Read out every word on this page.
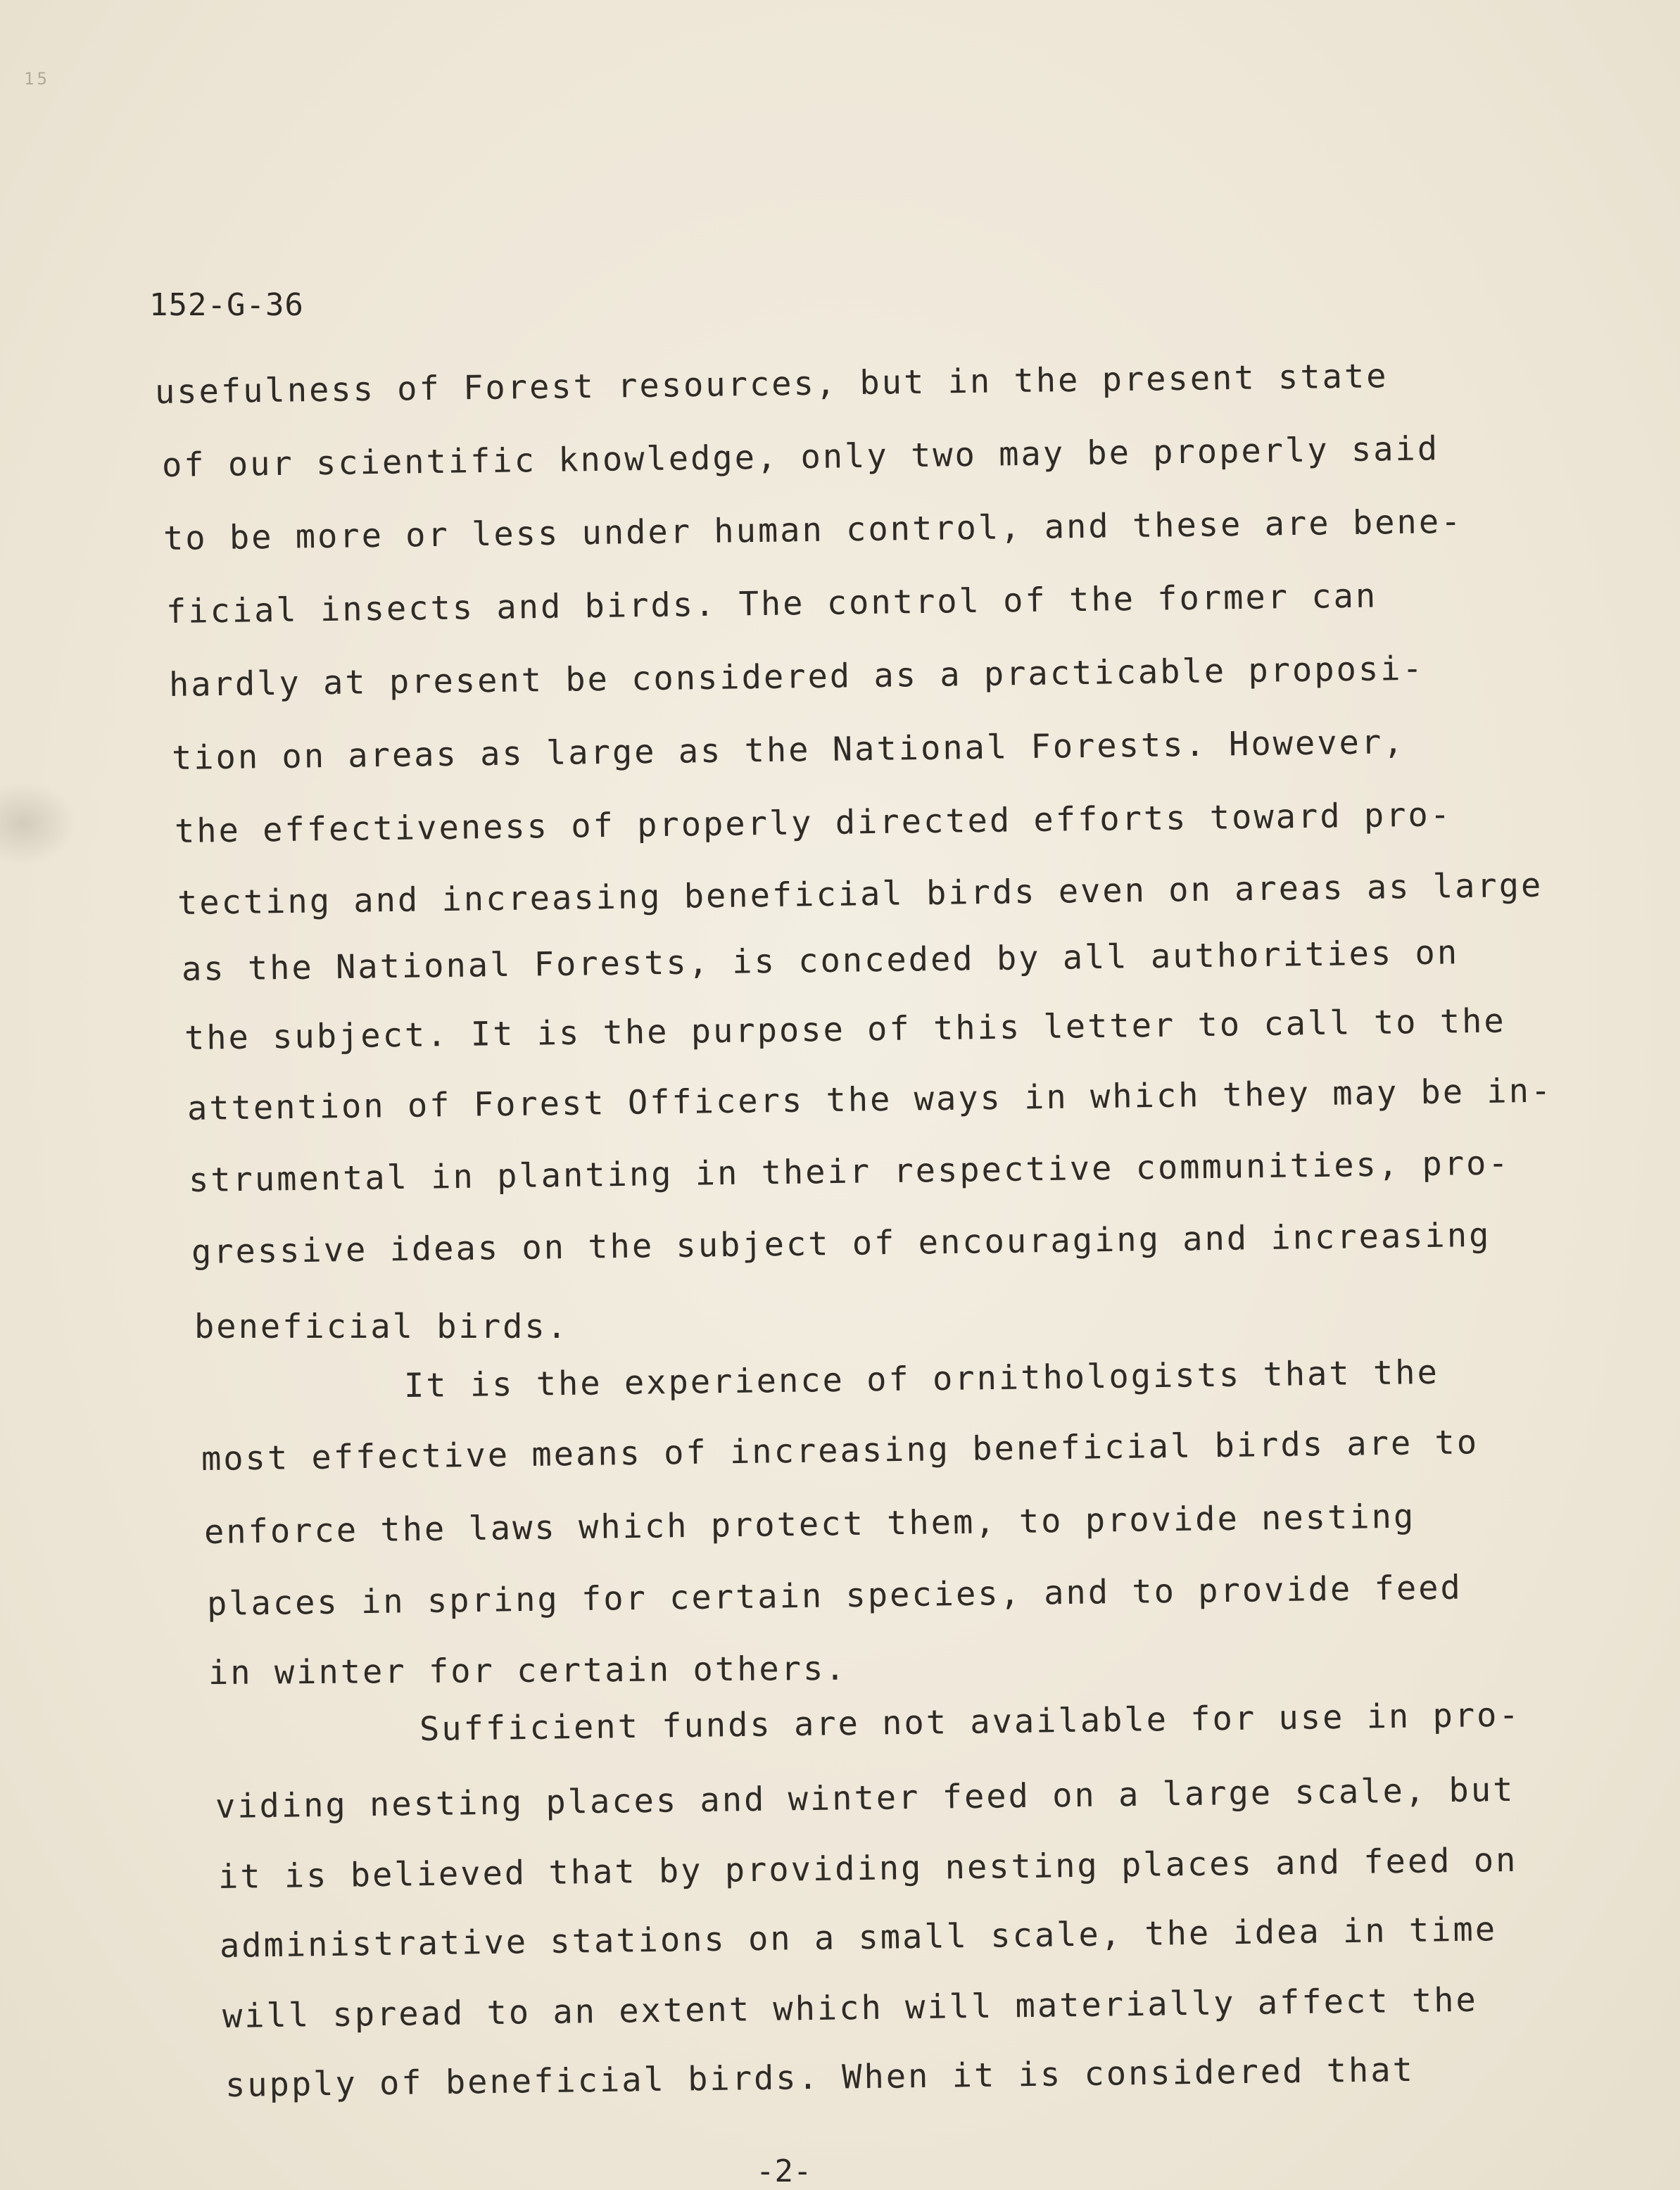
15
152-G-36
usefulness of Forest resources, but in the present state
of our scientific knowledge, only two may be properly said
to be more or less under human control, and these are bene-
ficial insects and birds. The control of the former can
hardly at present be considered as a practicable proposi-
tion on areas as large as the National Forests. However,
the effectiveness of properly directed efforts toward pro-
tecting and increasing beneficial birds even on areas as large
as the National Forests, is conceded by all authorities on
the subject. It is the purpose of this letter to call to the
attention of Forest Officers the ways in which they may be in-
strumental in planting in their respective communities, pro-
gressive ideas on the subject of encouraging and increasing
beneficial birds.
It is the experience of ornithologists that the
most effective means of increasing beneficial birds are to
enforce the laws which protect them, to provide nesting
places in spring for certain species, and to provide feed
in winter for certain others.
Sufficient funds are not available for use in pro-
viding nesting places and winter feed on a large scale, but
it is believed that by providing nesting places and feed on
administrative stations on a small scale, the idea in time
will spread to an extent which will materially affect the
supply of beneficial birds. When it is considered that
-2-
